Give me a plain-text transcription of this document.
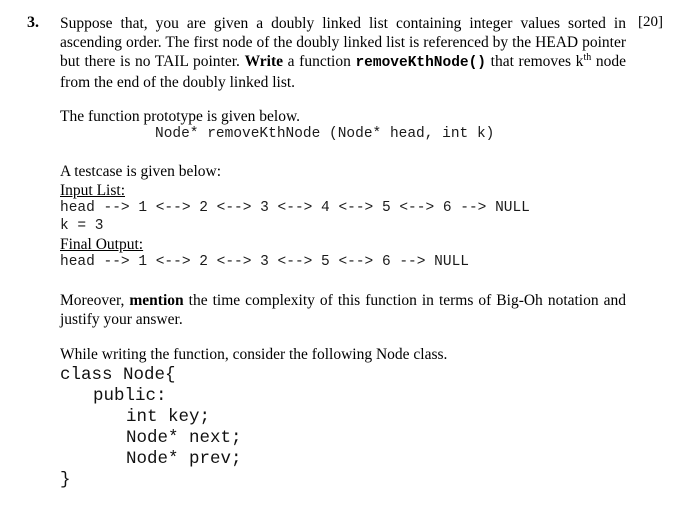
3.	[20]
Suppose that, you are given a doubly linked list containing integer values sorted in ascending order. The first node of the doubly linked list is referenced by the HEAD pointer but there is no TAIL pointer. Write a function removeKthNode() that removes $k^{th}$ node from the end of the doubly linked list.
The function prototype is given below.
Node* removeKthNode (Node* head, int k)
A testcase is given below:
Input List:
head --> 1 <--> 2 <--> 3 <--> 4 <--> 5 <--> 6 --> NULL
k = 3
Final Output:
head --> 1 <--> 2 <--> 3 <--> 5 <--> 6 --> NULL
Moreover, mention the time complexity of this function in terms of Big-Oh notation and justify your answer.
While writing the function, consider the following Node class.
class Node{
public:
int key;
Node* next;
Node* prev;
}
